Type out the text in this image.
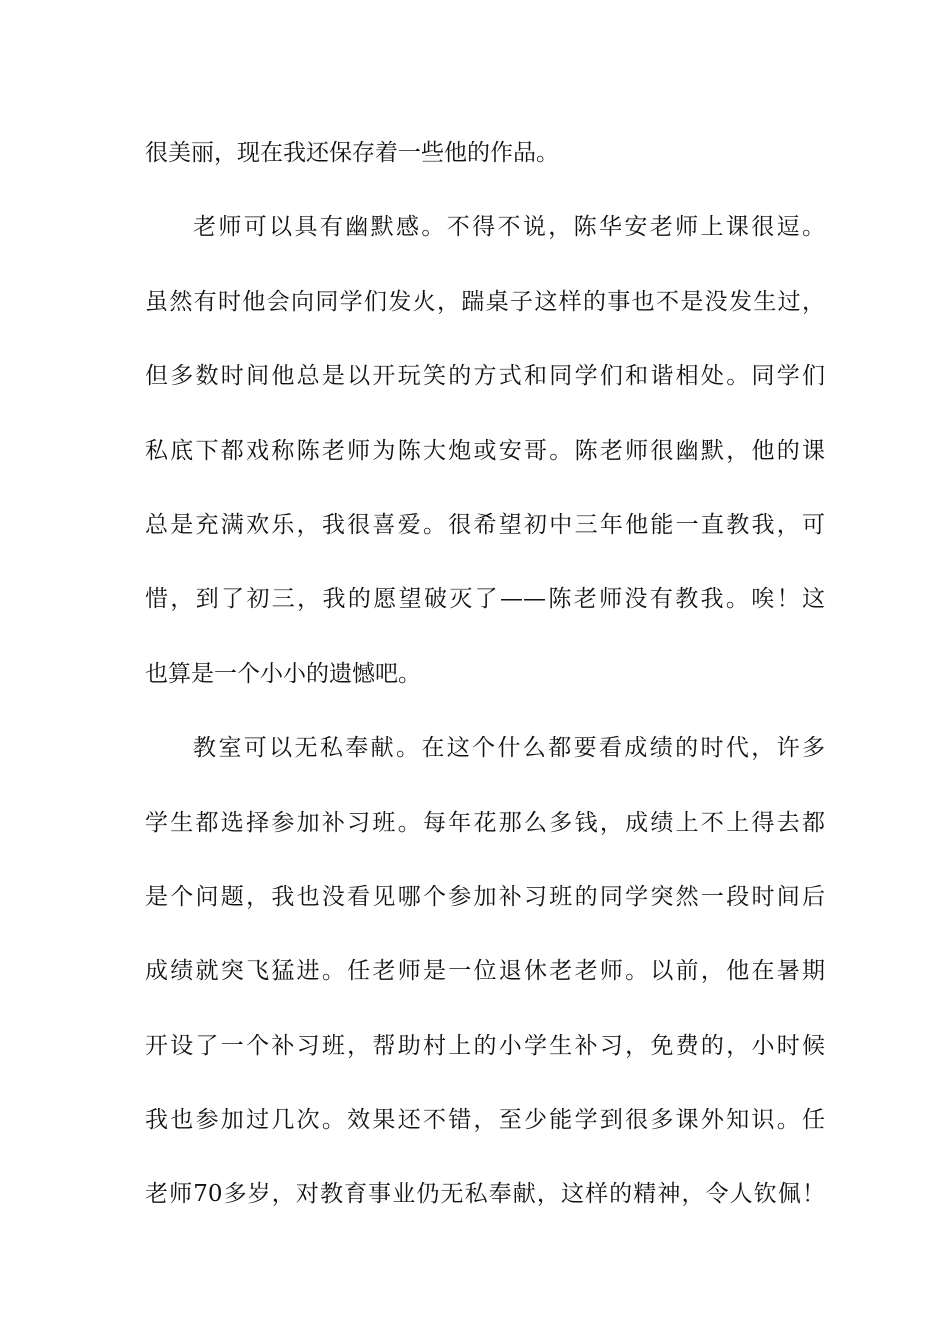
很美丽，现在我还保存着一些他的作品。
老师可以具有幽默感。不得不说，陈华安老师上课很逗。
虽然有时他会向同学们发火，踹桌子这样的事也不是没发生过，
但多数时间他总是以开玩笑的方式和同学们和谐相处。同学们
私底下都戏称陈老师为陈大炮或安哥。陈老师很幽默，他的课
总是充满欢乐，我很喜爱。很希望初中三年他能一直教我，可
惜，到了初三，我的愿望破灭了——陈老师没有教我。唉！这
也算是一个小小的遗憾吧。
教室可以无私奉献。在这个什么都要看成绩的时代，许多
学生都选择参加补习班。每年花那么多钱，成绩上不上得去都
是个问题，我也没看见哪个参加补习班的同学突然一段时间后
成绩就突飞猛进。任老师是一位退休老老师。以前，他在暑期
开设了一个补习班，帮助村上的小学生补习，免费的，小时候
我也参加过几次。效果还不错，至少能学到很多课外知识。任
老师70多岁，对教育事业仍无私奉献，这样的精神，令人钦佩！
